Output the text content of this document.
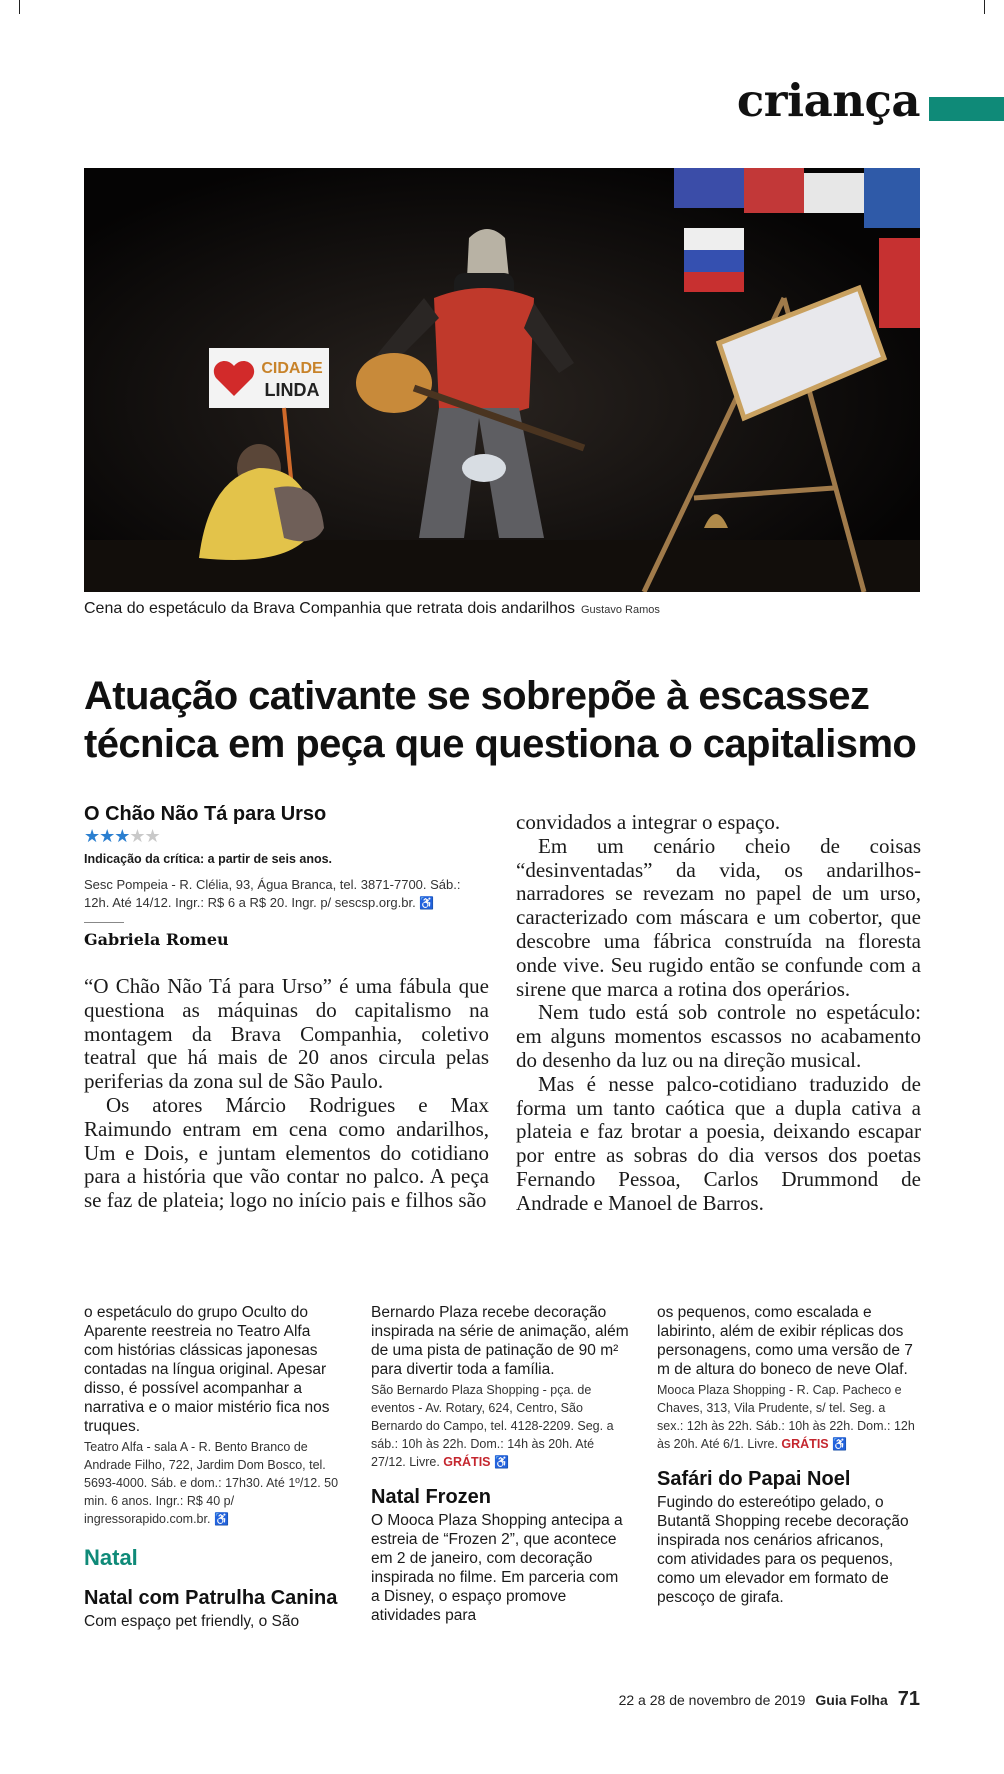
criança
CIDADE
LINDA
Cena do espetáculo da Brava Companhia que retrata dois andarilhos Gustavo Ramos
Atuação cativante se sobrepõe à escassez
técnica em peça que questiona o capitalismo
O Chão Não Tá para Urso
★★★★★
Indicação da crítica: a partir de seis anos.
Sesc Pompeia - R. Clélia, 93, Água Branca, tel. 3871-7700. Sáb.: 12h. Até 14/12. Ingr.: R$ 6 a R$ 20. Ingr. p/ sescsp.org.br. ♿
Gabriela Romeu

“O Chão Não Tá para Urso” é uma fábula que questiona as máquinas do capitalismo na montagem da Brava Companhia, coletivo teatral que há mais de 20 anos circula pelas periferias da zona sul de São Paulo.

Os atores Márcio Rodrigues e Max Raimundo entram em cena como andarilhos, Um e Dois, e juntam elementos do cotidiano para a história que vão contar no palco. A peça se faz de plateia; logo no início pais e filhos são

convidados a integrar o espaço.

Em um cenário cheio de coisas “desinventadas” da vida, os andarilhos-narradores se revezam no papel de um urso, caracterizado com máscara e um cobertor, que descobre uma fábrica construída na floresta onde vive. Seu rugido então se confunde com a sirene que marca a rotina dos operários.

Nem tudo está sob controle no espetáculo: em alguns momentos escassos no acabamento do desenho da luz ou na direção musical.

Mas é nesse palco-cotidiano traduzido de forma um tanto caótica que a dupla cativa a plateia e faz brotar a poesia, deixando escapar por entre as sobras do dia versos dos poetas Fernando Pessoa, Carlos Drummond de Andrade e Manoel de Barros.

o espetáculo do grupo Oculto do Aparente reestreia no Teatro Alfa com histórias clássicas japonesas contadas na língua original. Apesar disso, é possível acompanhar a narrativa e o maior mistério fica nos truques.

Teatro Alfa - sala A - R. Bento Branco de Andrade Filho, 722, Jardim Dom Bosco, tel. 5693-4000. Sáb. e dom.: 17h30. Até 1º/12. 50 min. 6 anos. Ingr.: R$ 40 p/ ingressorapido.com.br. ♿

Natal

Natal com Patrulha Canina

Com espaço pet friendly, o São

Bernardo Plaza recebe decoração inspirada na série de animação, além de uma pista de patinação de 90 m² para divertir toda a família.

São Bernardo Plaza Shopping - pça. de eventos - Av. Rotary, 624, Centro, São Bernardo do Campo, tel. 4128-2209. Seg. a sáb.: 10h às 22h. Dom.: 14h às 20h. Até 27/12. Livre. GRÁTIS ♿

Natal Frozen

O Mooca Plaza Shopping antecipa a estreia de “Frozen 2”, que acontece em 2 de janeiro, com decoração inspirada no filme. Em parceria com a Disney, o espaço promove atividades para

os pequenos, como escalada e labirinto, além de exibir réplicas dos personagens, como uma versão de 7 m de altura do boneco de neve Olaf.

Mooca Plaza Shopping - R. Cap. Pacheco e Chaves, 313, Vila Prudente, s/ tel. Seg. a sex.: 12h às 22h. Sáb.: 10h às 22h. Dom.: 12h às 20h. Até 6/1. Livre. GRÁTIS ♿

Safári do Papai Noel

Fugindo do estereótipo gelado, o Butantã Shopping recebe decoração inspirada nos cenários africanos, com atividades para os pequenos, como um elevador em formato de pescoço de girafa.

22 a 28 de novembro de 2019 Guia Folha 71
